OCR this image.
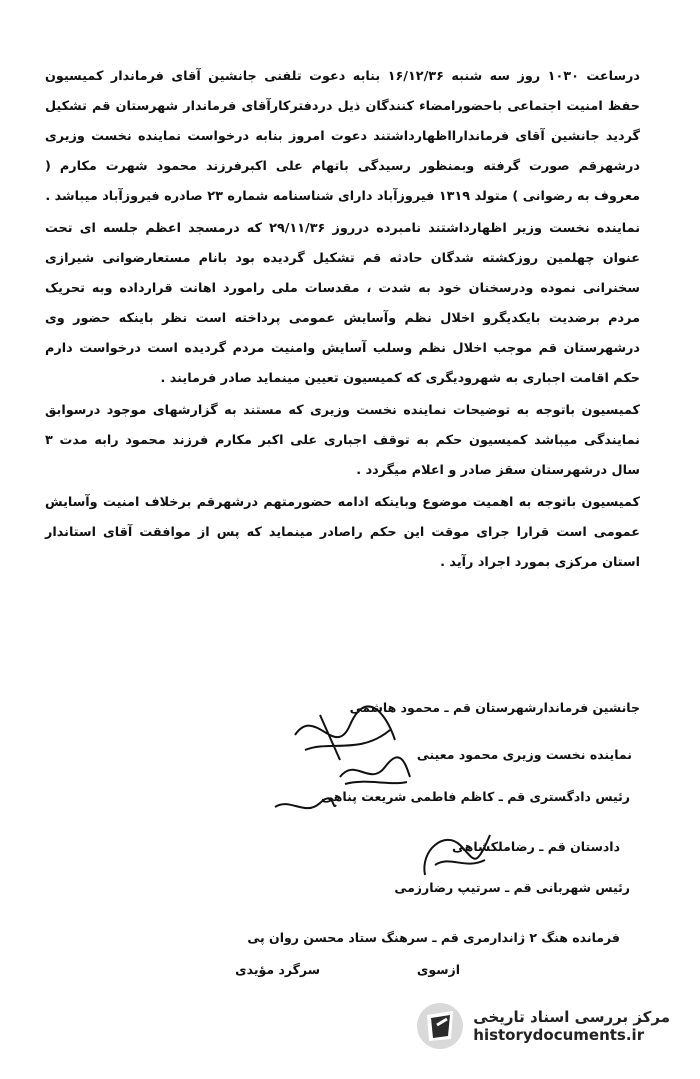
درساعت ۱۰۳۰ روز سه شنبه ۱۶/۱۲/۳۶ بنابه دعوت تلفنی جانشین آقای فرماندار کمیسیون حفظ امنیت اجتماعی باحضورامضاء کنندگان ذیل دردفترکارآقای فرماندار شهرستان قم تشکیل گردید جانشین آقای فرماندارااظهارداشتند دعوت امروز بنابه درخواست نماینده نخست وزیری درشهرقم صورت گرفته وبمنظور رسیدگی باتهام علی اکبرفرزند محمود شهرت مکارم ( معروف به رضوانی ) متولد ۱۳۱۹ فیروزآباد دارای شناسنامه شماره ۲۳ صادره فیروزآباد میباشد .

نماینده نخست وزیر اظهارداشتند نامبرده درروز ۲۹/۱۱/۳۶ که درمسجد اعظم جلسه ای تحت عنوان چهلمین روزکشته شدگان حادثه قم تشکیل گردیده بود بانام مستعارضوانی شیرازی سخنرانی نموده ودرسخنان خود به شدت ، مقدسات ملی رامورد اهانت قرارداده وبه تحریک مردم برضدیت بایکدیگرو اخلال نظم وآسایش عمومی پرداخته است نظر باینکه حضور وی درشهرستان قم موجب اخلال نظم وسلب آسایش وامنیت مردم گردیده است درخواست دارم حکم اقامت اجباری به شهرودیگری که کمیسیون تعیین مینماید صادر فرمایند .

کمیسیون باتوجه به توضیحات نماینده نخست وزیری که مستند به گزارشهای موجود درسوابق نمایندگی میباشد کمیسیون حکم به توقف اجباری علی اکبر مکارم فرزند محمود رابه مدت ۳ سال درشهرستان سقز صادر و اعلام میگردد .

کمیسیون باتوجه به اهمیت موضوع وباینکه ادامه حضورمتهم درشهرقم برخلاف امنیت وآسایش عمومی است قرارا جرای موقت این حکم راصادر مینماید که پس از موافقت آقای استاندار استان مرکزی بمورد اجراد رآید .

جانشین فرماندارشهرستان قم ـ محمود هاشمی
نماینده نخست وزیری محمود معینی
رئیس دادگستری قم ـ کاظم فاطمی شریعت پناهی
دادستان قم ـ رضاملکشاهی
رئیس شهربانی قم ـ سرتیپ رضارزمی
فرمانده هنگ ۲ ژاندارمری قم ـ سرهنگ ستاد محسن روان پی
ازسوی
سرگرد مؤیدی
مرکز بررسی اسناد تاریخی
historydocuments.ir
